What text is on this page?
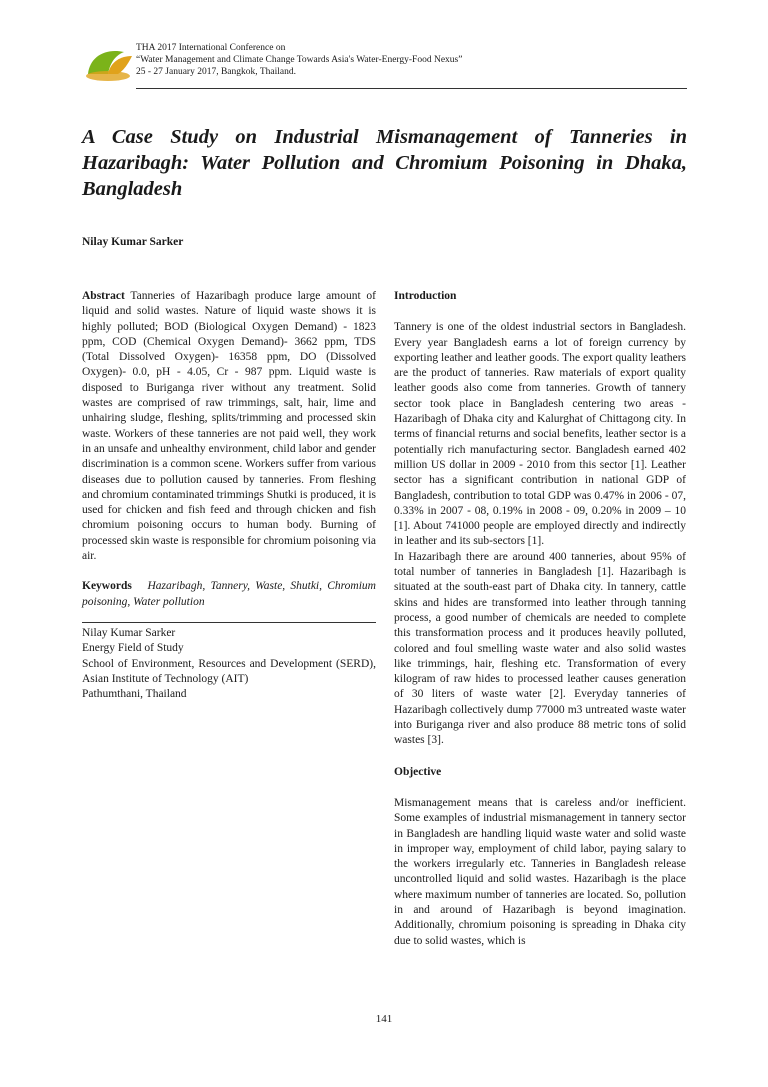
THA 2017 International Conference on
“Water Management and Climate Change Towards Asia's Water-Energy-Food Nexus”
25 - 27 January 2017, Bangkok, Thailand.
A Case Study on Industrial Mismanagement of Tanneries in Hazaribagh: Water Pollution and Chromium Poisoning in Dhaka, Bangladesh
Nilay Kumar Sarker

Abstract Tanneries of Hazaribagh produce large amount of liquid and solid wastes. Nature of liquid waste shows it is highly polluted; BOD (Biological Oxygen Demand) - 1823 ppm, COD (Chemical Oxygen Demand)- 3662 ppm, TDS (Total Dissolved Oxygen)- 16358 ppm, DO (Dissolved Oxygen)- 0.0, pH - 4.05, Cr - 987 ppm. Liquid waste is disposed to Buriganga river without any treatment. Solid wastes are comprised of raw trimmings, salt, hair, lime and unhairing sludge, fleshing, splits/trimming and processed skin waste. Workers of these tanneries are not paid well, they work in an unsafe and unhealthy environment, child labor and gender discrimination is a common scene. Workers suffer from various diseases due to pollution caused by tanneries. From fleshing and chromium contaminated trimmings Shutki is produced, it is used for chicken and fish feed and through chicken and fish chromium poisoning occurs to human body. Burning of processed skin waste is responsible for chromium poisoning via air.

Keywords Hazaribagh, Tannery, Waste, Shutki, Chromium poisoning, Water pollution

Nilay Kumar Sarker
Energy Field of Study
School of Environment, Resources and Development (SERD), Asian Institute of Technology (AIT)
Pathumthani, Thailand

Introduction

Tannery is one of the oldest industrial sectors in Bangladesh. Every year Bangladesh earns a lot of foreign currency by exporting leather and leather goods. The export quality leathers are the product of tanneries. Raw materials of export quality leather goods also come from tanneries. Growth of tannery sector took place in Bangladesh centering two areas - Hazaribagh of Dhaka city and Kalurghat of Chittagong city. In terms of financial returns and social benefits, leather sector is a potentially rich manufacturing sector. Bangladesh earned 402 million US dollar in 2009 - 2010 from this sector [1]. Leather sector has a significant contribution in national GDP of Bangladesh, contribution to total GDP was 0.47% in 2006 - 07, 0.33% in 2007 - 08, 0.19% in 2008 - 09, 0.20% in 2009 – 10 [1]. About 741000 people are employed directly and indirectly in leather and its sub-sectors [1].

In Hazaribagh there are around 400 tanneries, about 95% of total number of tanneries in Bangladesh [1]. Hazaribagh is situated at the south-east part of Dhaka city. In tannery, cattle skins and hides are transformed into leather through tanning process, a good number of chemicals are needed to complete this transformation process and it produces heavily polluted, colored and foul smelling waste water and also solid wastes like trimmings, hair, fleshing etc. Transformation of every kilogram of raw hides to processed leather causes generation of 30 liters of waste water [2]. Everyday tanneries of Hazaribagh collectively dump 77000 m3 untreated waste water into Buriganga river and also produce 88 metric tons of solid wastes [3].

Objective

Mismanagement means that is careless and/or inefficient. Some examples of industrial mismanagement in tannery sector in Bangladesh are handling liquid waste water and solid waste in improper way, employment of child labor, paying salary to the workers irregularly etc. Tanneries in Bangladesh release uncontrolled liquid and solid wastes. Hazaribagh is the place where maximum number of tanneries are located. So, pollution in and around of Hazaribagh is beyond imagination. Additionally, chromium poisoning is spreading in Dhaka city due to solid wastes, which is

141
